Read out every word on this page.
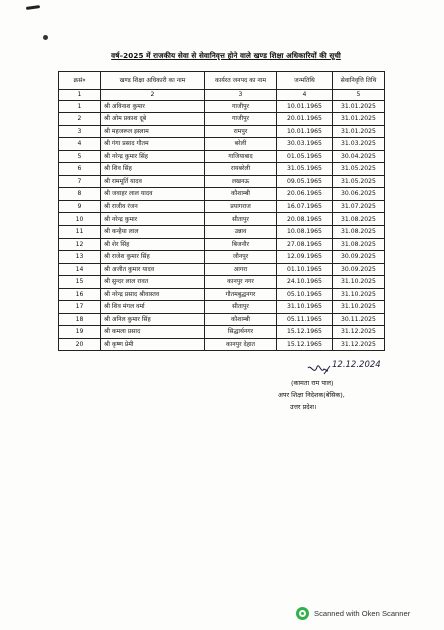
वर्ष–2025 में राजकीय सेवा से सेवानिवृत्त होने वाले खण्ड शिक्षा अधिकारियों की सूची
क्रसं०	खण्ड शिक्षा अधिकारी का नाम	कार्यरत जनपद का नाम	जन्मतिथि	सेवानिवृत्ति तिथि
1	2	3	4	5
1	श्री अविनाश कुमार	गाजीपुर	10.01.1965	31.01.2025
2	श्री ओम प्रकाश दूबे	गाजीपुर	20.01.1965	31.01.2025
3	श्री महजरूल इस्लाम	रामपुर	10.01.1965	31.01.2025
4	श्री गंगा प्रसाद गौतम	बरेली	30.03.1965	31.03.2025
5	श्री नरेन्द्र कुमार सिंह	गाजियाबाद	01.05.1965	30.04.2025
6	श्री शिव सिंह	रायबरेली	31.05.1965	31.05.2025
7	श्री राममूर्ति यादव	लखनऊ	09.05.1965	31.05.2025
8	श्री जवाहर लाल यादव	कौशाम्बी	20.06.1965	30.06.2025
9	श्री राजीव रंजन	प्रयागराज	16.07.1965	31.07.2025
10	श्री नरेन्द्र कुमार	सीतापुर	20.08.1965	31.08.2025
11	श्री कन्हैया लाल	उन्नाव	10.08.1965	31.08.2025
12	श्री शेर सिंह	बिजनौर	27.08.1965	31.08.2025
13	श्री राजेश कुमार सिंह	जौनपुर	12.09.1965	30.09.2025
14	श्री अजीत कुमार यादव	आगरा	01.10.1965	30.09.2025
15	श्री सुन्दर लाल रावत	कानपुर नगर	24.10.1965	31.10.2025
16	श्री नरेन्द्र प्रसाद श्रीवास्तव	गौतमबुद्धनगर	05.10.1965	31.10.2025
17	श्री शिव मंगल वर्मा	सीतापुर	31.10.1965	31.10.2025
18	श्री अनिल कुमार सिंह	कौशाम्बी	05.11.1965	30.11.2025
19	श्री कमला प्रसाद	सिद्धार्थनगर	15.12.1965	31.12.2025
20	श्री कृष्ण प्रेमी	कानपुर देहात	15.12.1965	31.12.2025
12.12.2024
(कामता राम पाल)
अपर शिक्षा निदेशक(बेसिक),
उत्तर प्रदेश।
Scanned with Oken Scanner
